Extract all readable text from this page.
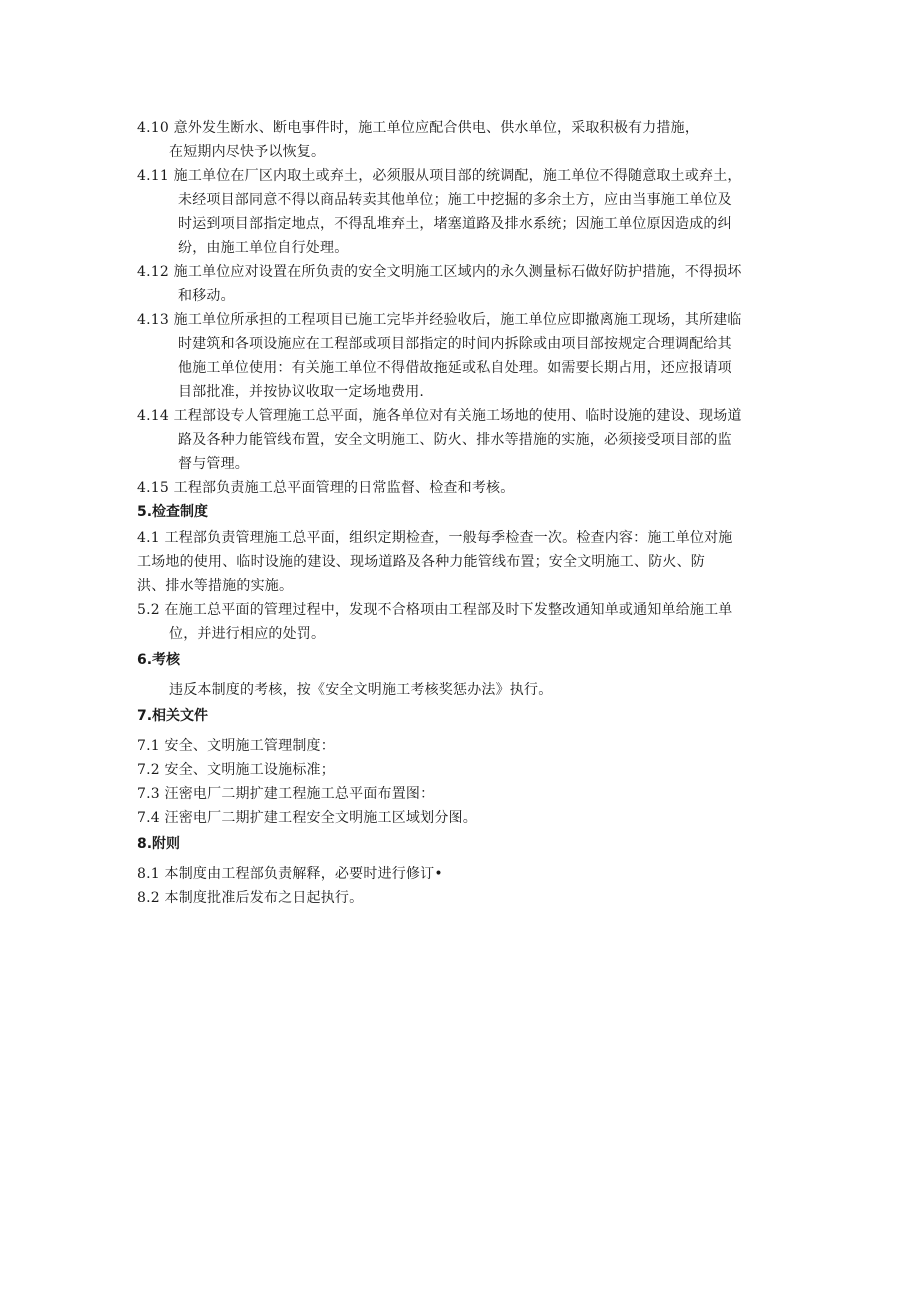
4.10 意外发生断水、断电事件时，施工单位应配合供电、供水单位，采取积极有力措施，
在短期内尽快予以恢复。
4.11 施工单位在厂区内取土或弃土，必须服从项目部的统调配，施工单位不得随意取土或弃土，
未经项目部同意不得以商品转卖其他单位；施工中挖掘的多余土方，应由当事施工单位及
时运到项目部指定地点，不得乱堆弃土，堵塞道路及排水系统；因施工单位原因造成的纠
纷，由施工单位自行处理。
4.12 施工单位应对设置在所负责的安全文明施工区域内的永久测量标石做好防护措施，不得损坏
和移动。
4.13 施工单位所承担的工程项目已施工完毕并经验收后，施工单位应即撤离施工现场，其所建临
时建筑和各项设施应在工程部或项目部指定的时间内拆除或由项目部按规定合理调配给其
他施工单位使用：有关施工单位不得借故拖延或私自处理。如需要长期占用，还应报请项
目部批准，并按协议收取一定场地费用.
4.14 工程部设专人管理施工总平面，施各单位对有关施工场地的使用、临时设施的建设、现场道
路及各种力能管线布置，安全文明施工、防火、排水等措施的实施，必须接受项目部的监
督与管理。
4.15 工程部负责施工总平面管理的日常监督、检查和考核。
5.检查制度
4.1 工程部负责管理施工总平面，组织定期检查，一般每季检查一次。检查内容：施工单位对施
工场地的使用、临时设施的建设、现场道路及各种力能管线布置；安全文明施工、防火、防
洪、排水等措施的实施。
5.2 在施工总平面的管理过程中，发现不合格项由工程部及时下发整改通知单或通知单给施工单
位，并进行相应的处罚。
6.考核
违反本制度的考核，按《安全文明施工考核奖惩办法》执行。
7.相关文件
7.1 安全、文明施工管理制度：
7.2 安全、文明施工设施标准；
7.3 汪密电厂二期扩建工程施工总平面布置图：
7.4 汪密电厂二期扩建工程安全文明施工区域划分图。
8.附则
8.1 本制度由工程部负责解释，必要时进行修订•
8.2 本制度批准后发布之日起执行。
